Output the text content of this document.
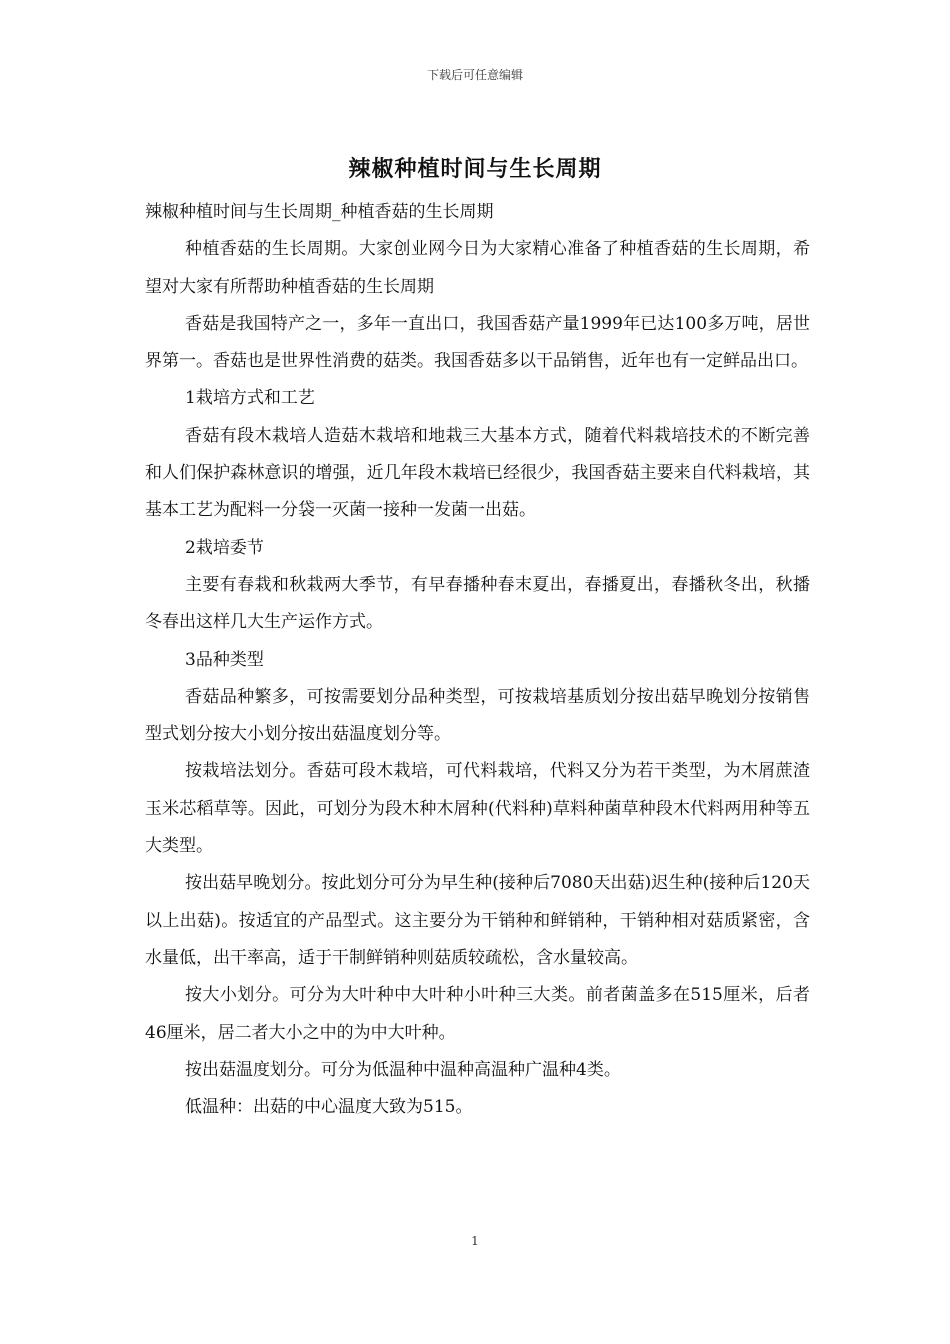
下载后可任意编辑
辣椒种植时间与生长周期

辣椒种植时间与生长周期_种植香菇的生长周期

种植香菇的生长周期。大家创业网今日为大家精心准备了种植香菇的生长周期，希望对大家有所帮助种植香菇的生长周期

香菇是我国特产之一，多年一直出口，我国香菇产量1999年已达100多万吨，居世界第一。香菇也是世界性消费的菇类。我国香菇多以干品销售，近年也有一定鲜品出口。

1栽培方式和工艺

香菇有段木栽培人造菇木栽培和地栽三大基本方式，随着代料栽培技术的不断完善和人们保护森林意识的增强，近几年段木栽培已经很少，我国香菇主要来自代料栽培，其基本工艺为配料一分袋一灭菌一接种一发菌一出菇。

2栽培委节

主要有春栽和秋栽两大季节，有早春播种春末夏出，春播夏出，春播秋冬出，秋播冬春出这样几大生产运作方式。

3品种类型

香菇品种繁多，可按需要划分品种类型，可按栽培基质划分按出菇早晚划分按销售型式划分按大小划分按出菇温度划分等。

按栽培法划分。香菇可段木栽培，可代料栽培，代料又分为若干类型，为木屑蔗渣玉米芯稻草等。因此，可划分为段木种木屑种(代料种)草料种菌草种段木代料两用种等五大类型。

按出菇早晚划分。按此划分可分为早生种(接种后7080天出菇)迟生种(接种后120天以上出菇)。按适宜的产品型式。这主要分为干销种和鲜销种，干销种相对菇质紧密，含水量低，出干率高，适于干制鲜销种则菇质较疏松，含水量较高。

按大小划分。可分为大叶种中大叶种小叶种三大类。前者菌盖多在515厘米，后者46厘米，居二者大小之中的为中大叶种。

按出菇温度划分。可分为低温种中温种高温种广温种4类。

低温种：出菇的中心温度大致为515。

1
